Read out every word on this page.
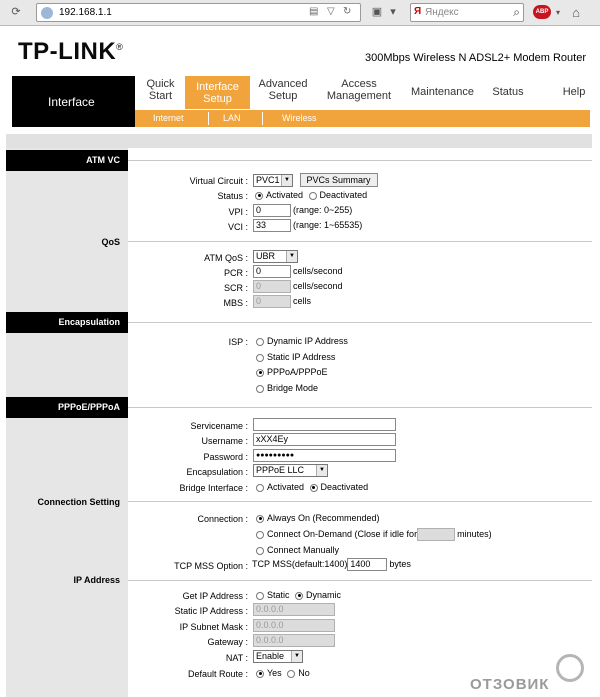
⟳	192.168.1.1	▤ ▽ ↻	▣ ▾	Я Яндекс	⌕	ABP ▾ ⌂
TP-LINK®
300Mbps Wireless N ADSL2+ Modem Router
Interface
Quick
Start
Interface
Setup
Advanced
Setup
Access
Management	Maintenance	Status	Help
Internet	LAN	Wireless
ATM VC
QoS
Encapsulation
PPPoE/PPPoA
Connection Setting
IP Address
Virtual Circuit : PVC1 ▼ PVCs Summary
Status :	Activated Deactivated
VPI : 0	(range: 0~255)
VCI : 33	(range: 1~65535)
ATM QoS : UBR	▼
PCR : 0	cells/second
SCR : 0	cells/second
MBS : 0	cells
ISP :	Dynamic IP Address
Static IP Address
PPPoA/PPPoE
Bridge Mode
Servicename :
Username : xXX4Ey
Password :	●●●●●●●●●
Encapsulation : PPPoE LLC	▼
Bridge Interface :	Activated Deactivated
Connection :	Always On (Recommended)
Connect On-Demand (Close if idle for	minutes)
Connect Manually
TCP MSS Option : TCP MSS(default:1400) 1400 bytes
Get IP Address :	Static Dynamic
Static IP Address : 0.0.0.0
IP Subnet Mask : 0.0.0.0
Gateway : 0.0.0.0
NAT : Enable	▼
Default Route :	Yes No
ОТЗОВИК
